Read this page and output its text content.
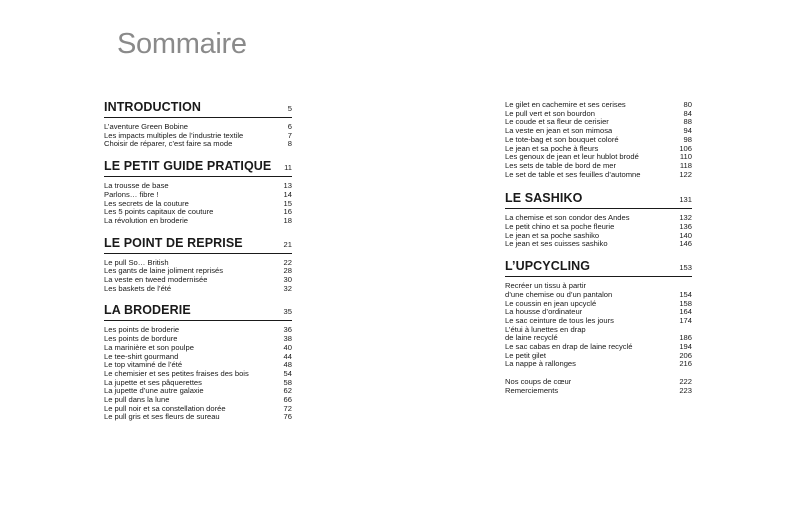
Sommaire
INTRODUCTION	5
L’aventure Green Bobine	6
Les impacts multiples de l’industrie textile	7
Choisir de réparer, c’est faire sa mode	8
LE PETIT GUIDE PRATIQUE 11
La trousse de base	13
Parlons… fibre !	14
Les secrets de la couture	15
Les 5 points capitaux de couture	16
La révolution en broderie	18
LE POINT DE REPRISE	21
Le pull So… British	22
Les gants de laine joliment reprisés	28
La veste en tweed modernisée	30
Les baskets de l’été	32
LA BRODERIE	35
Les points de broderie	36
Les points de bordure	38
La marinière et son poulpe	40
Le tee-shirt gourmand	44
Le top vitaminé de l’été	48
Le chemisier et ses petites fraises des bois	54
La jupette et ses pâquerettes	58
La jupette d’une autre galaxie	62
Le pull dans la lune	66
Le pull noir et sa constellation dorée	72
Le pull gris et ses fleurs de sureau	76
Le gilet en cachemire et ses cerises	80
Le pull vert et son bourdon	84
Le coude et sa fleur de cerisier	88
La veste en jean et son mimosa	94
Le tote-bag et son bouquet coloré	98
Le jean et sa poche à fleurs	106
Les genoux de jean et leur hublot brodé	110
Les sets de table de bord de mer	118
Le set de table et ses feuilles d’automne	122
LE SASHIKO	131
La chemise et son condor des Andes	132
Le petit chino et sa poche fleurie	136
Le jean et sa poche sashiko	140
Le jean et ses cuisses sashiko	146
L’UPCYCLING	153
Recréer un tissu à partir
d’une chemise ou d’un pantalon	154
Le coussin en jean upcyclé	158
La housse d’ordinateur	164
Le sac ceinture de tous les jours	174
L’étui à lunettes en drap
de laine recyclé	186
Le sac cabas en drap de laine recyclé	194
Le petit gilet	206
La nappe à rallonges	216
Nos coups de cœur	222
Remerciements	223
